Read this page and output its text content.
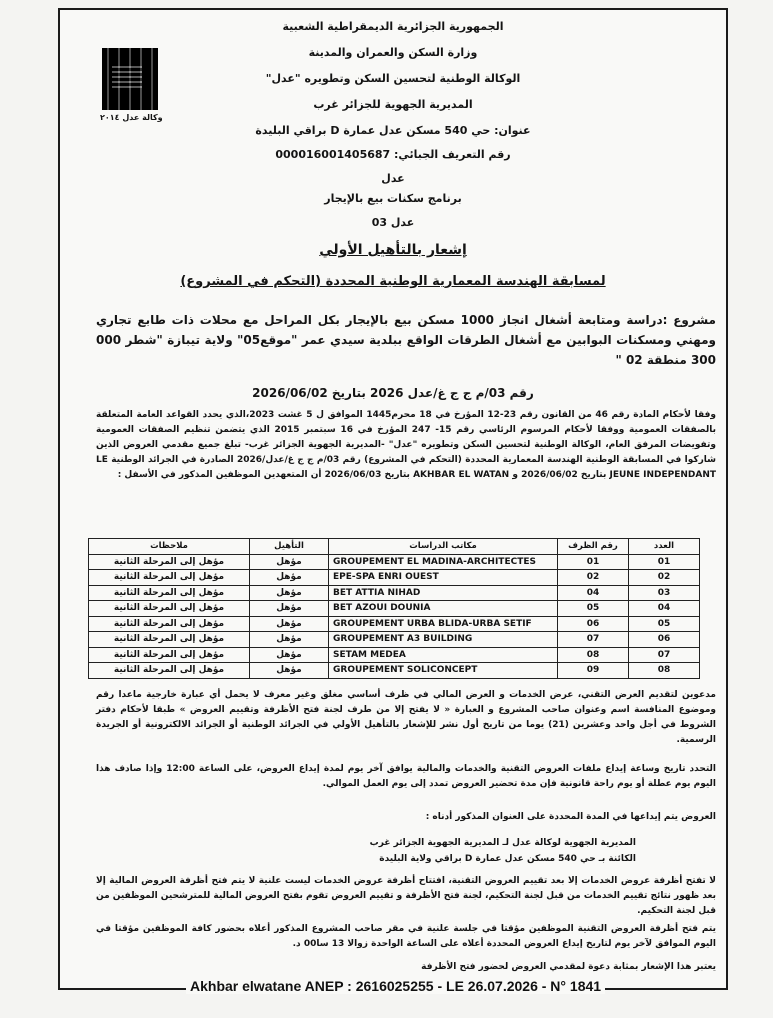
وكالة عدل ٢٠١٤
الجمهورية الجزائرية الديمقراطية الشعبية
وزارة السكن والعمران والمدينة
الوكالة الوطنية لتحسين السكن وتطويره "عدل"
المديرية الجهوية للجزائر غرب
عنوان: حي 540 مسكن عدل عمارة D براقي البليدة
رقم التعريف الجبائي: 000016001405687
عدل
برنامج سكنات بيع بالإيجار
عدل 03
إشعار بالتأهيل الأولي
لمسابقة الهندسة المعمارية الوطنية المحددة (التحكم في المشروع)
مشروع :دراسة ومتابعة أشغال انجاز 1000 مسكن بيع بالإيجار بكل المراحل مع محلات ذات طابع تجاري ومهني ومسكنات البوابين مع أشغال الطرقات الواقع ببلدية سيدي عمر "موقع05" ولاية تيبازة "شطر 000 300 منطقة 02 "
رقم 03/م ج ج غ/عدل 2026 بتاريخ 2026/06/02
وفقا لأحكام المادة رقم 46 من القانون رقم 23-12 المؤرخ في 18 محرم1445 الموافق ل 5 غشت 2023،الذي يحدد القواعد العامة المتعلقة بالصفقات العمومية ووفقا لأحكام المرسوم الرئاسي رقم 15- 247 المؤرخ في 16 سبتمبر 2015 الذي يتضمن تنظيم الصفقات العمومية وتفويضات المرفق العام، الوكالة الوطنية لتحسين السكن وتطويره "عدل" -المديرية الجهوية الجزائر غرب- تبلغ جميع مقدمي العروض الذين شاركوا في المسابقة الوطنية الهندسة المعمارية المحددة (التحكم في المشروع) رقم 03/م ج ج غ/عدل/2026 الصادرة في الجرائد الوطنية LE JEUNE INDEPENDANT بتاريخ 2026/06/02 و AKHBAR EL WATAN بتاريخ 2026/06/03 أن المتعهدين الموظفين المذكور في الأسفل :
العدد	رقم الظرف	مكاتب الدراسات	التأهيل	ملاحظات
01	01	GROUPEMENT EL MADINA-ARCHITECTES	مؤهل	مؤهل إلى المرحلة الثانية
02	02	EPE-SPA ENRI OUEST	مؤهل	مؤهل إلى المرحلة الثانية
03	04	BET ATTIA NIHAD	مؤهل	مؤهل إلى المرحلة الثانية
04	05	BET AZOUI DOUNIA	مؤهل	مؤهل إلى المرحلة الثانية
05	06	GROUPEMENT URBA BLIDA-URBA SETIF	مؤهل	مؤهل إلى المرحلة الثانية
06	07	GROUPEMENT A3 BUILDING	مؤهل	مؤهل إلى المرحلة الثانية
07	08	SETAM MEDEA	مؤهل	مؤهل إلى المرحلة الثانية
08	09	GROUPEMENT SOLICONCEPT	مؤهل	مؤهل إلى المرحلة الثانية
مدعوين لتقديم العرض التقني، عرض الخدمات و العرض المالي في ظرف أساسي مغلق وغير معرف لا يحمل أي عبارة خارجية ماعدا رقم وموضوع المنافسة اسم وعنوان صاحب المشروع و العبارة « لا يفتح إلا من طرف لجنة فتح الأظرفة وتقييم العروض » طبقا لأحكام دفتر الشروط في أجل واحد وعشرين (21) يوما من تاريخ أول نشر للإشعار بالتأهيل الأولي في الجرائد الوطنية أو الجرائد الالكترونية أو الجريدة الرسمية.
التحدد تاريخ وساعة إيداع ملفات العروض التقنية والخدمات والمالية يوافق آخر يوم لمدة إيداع العروض، على الساعة 12:00 وإذا صادف هذا اليوم يوم عطلة أو يوم راحة قانونية فإن مدة تحضير العروض تمدد إلى يوم العمل الموالي.
العروض يتم إيداعها في المدة المحددة على العنوان المذكور أدناه :
المديرية الجهوية لوكالة عدل لـ المديرية الجهوية الجزائر غرب
الكائنة بـ حي 540 مسكن عدل عمارة D براقي ولاية البليدة
لا تفتح أظرفة عروض الخدمات إلا بعد تقييم العروض التقنية، افتتاح أظرفة عروض الخدمات ليست علنية لا يتم فتح أظرفة العروض المالية إلا بعد ظهور نتائج تقييم الخدمات من قبل لجنة التحكيم، لجنة فتح الأظرفة و تقييم العروض تقوم بفتح العروض المالية للمترشحين الموظفين من قبل لجنة التحكيم.
يتم فتح أظرفة العروض التقنية الموظفين مؤقتا في جلسة علنية في مقر صاحب المشروع المذكور أعلاه بحضور كافة الموظفين مؤقتا في اليوم الموافق لآخر يوم لتاريخ إيداع العروض المحددة أعلاه على الساعة الواحدة زوالا 13 سا00 د.
يعتبر هذا الإشعار بمثابة دعوة لمقدمي العروض لحضور فتح الأظرفة
Akhbar elwatane ANEP : 2616025255 - LE 26.07.2026 - N° 1841
